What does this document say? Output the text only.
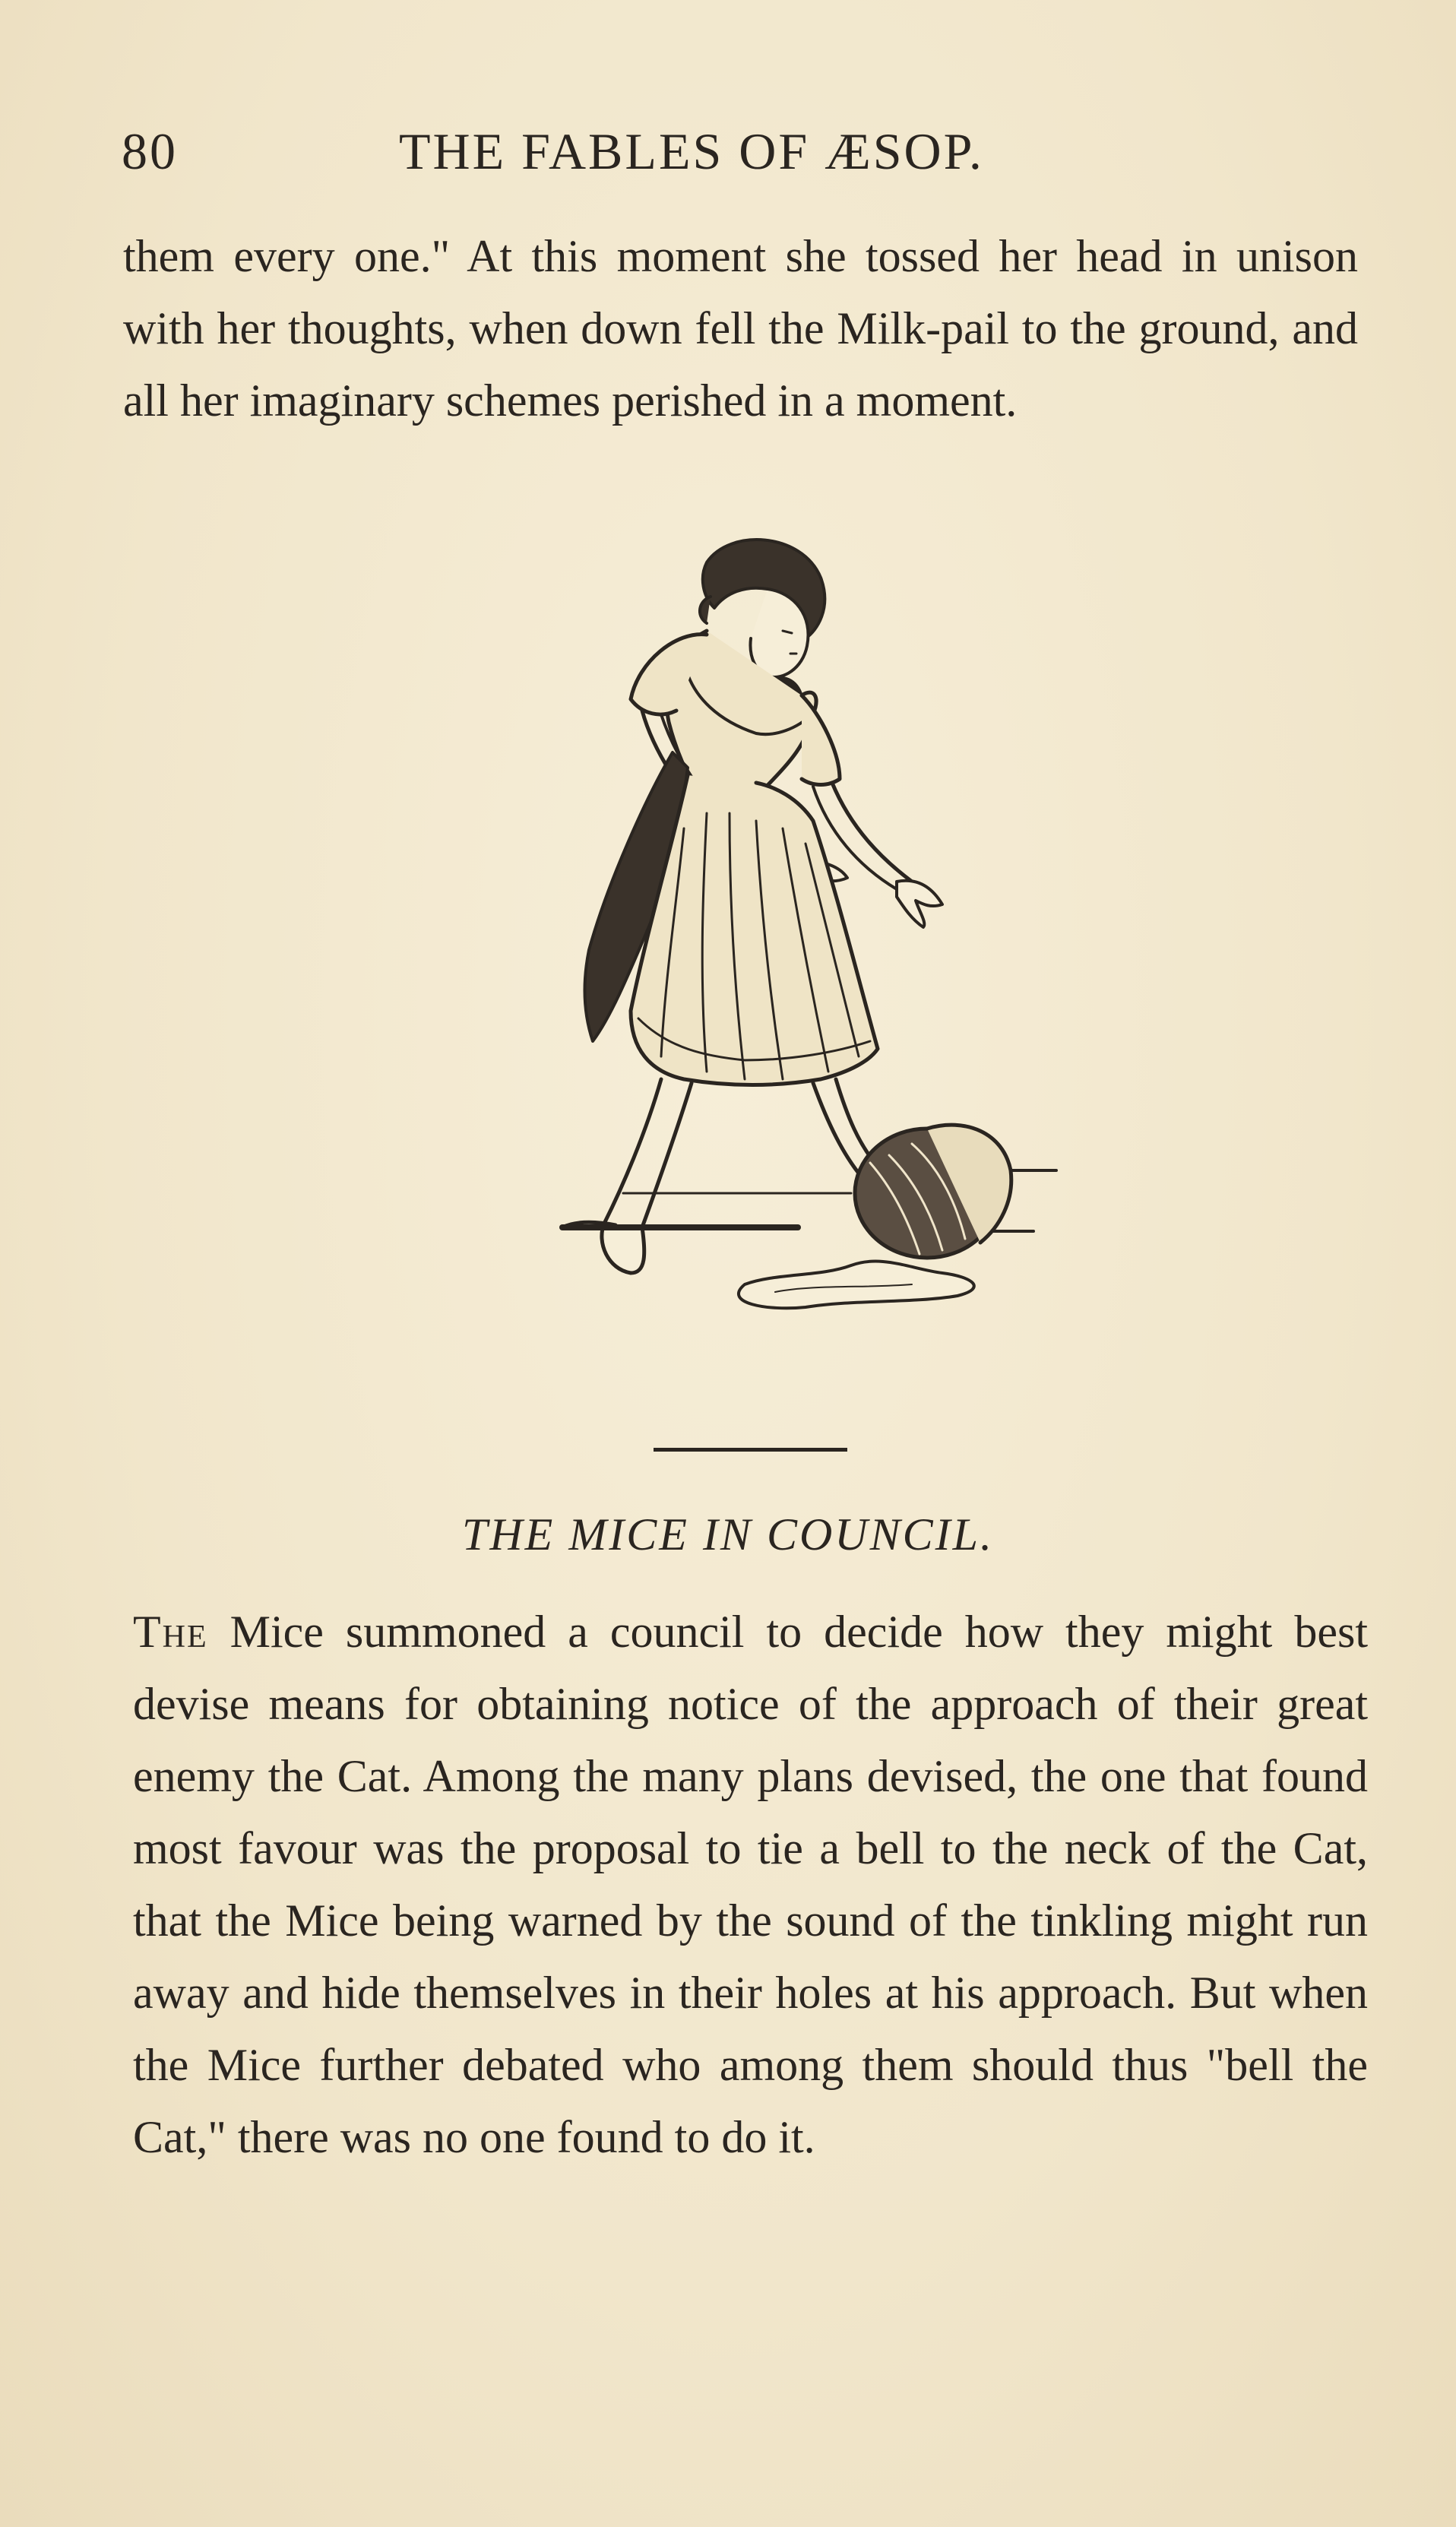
80	THE FABLES OF ÆSOP.

them every one." At this moment she tossed her head in unison with her thoughts, when down fell the Milk-pail to the ground, and all her imaginary schemes perished in a moment.

THE MICE IN COUNCIL.

The Mice summoned a council to decide how they might best devise means for obtaining notice of the approach of their great enemy the Cat. Among the many plans devised, the one that found most favour was the proposal to tie a bell to the neck of the Cat, that the Mice being warned by the sound of the tinkling might run away and hide themselves in their holes at his approach. But when the Mice further debated who among them should thus "bell the Cat," there was no one found to do it.
